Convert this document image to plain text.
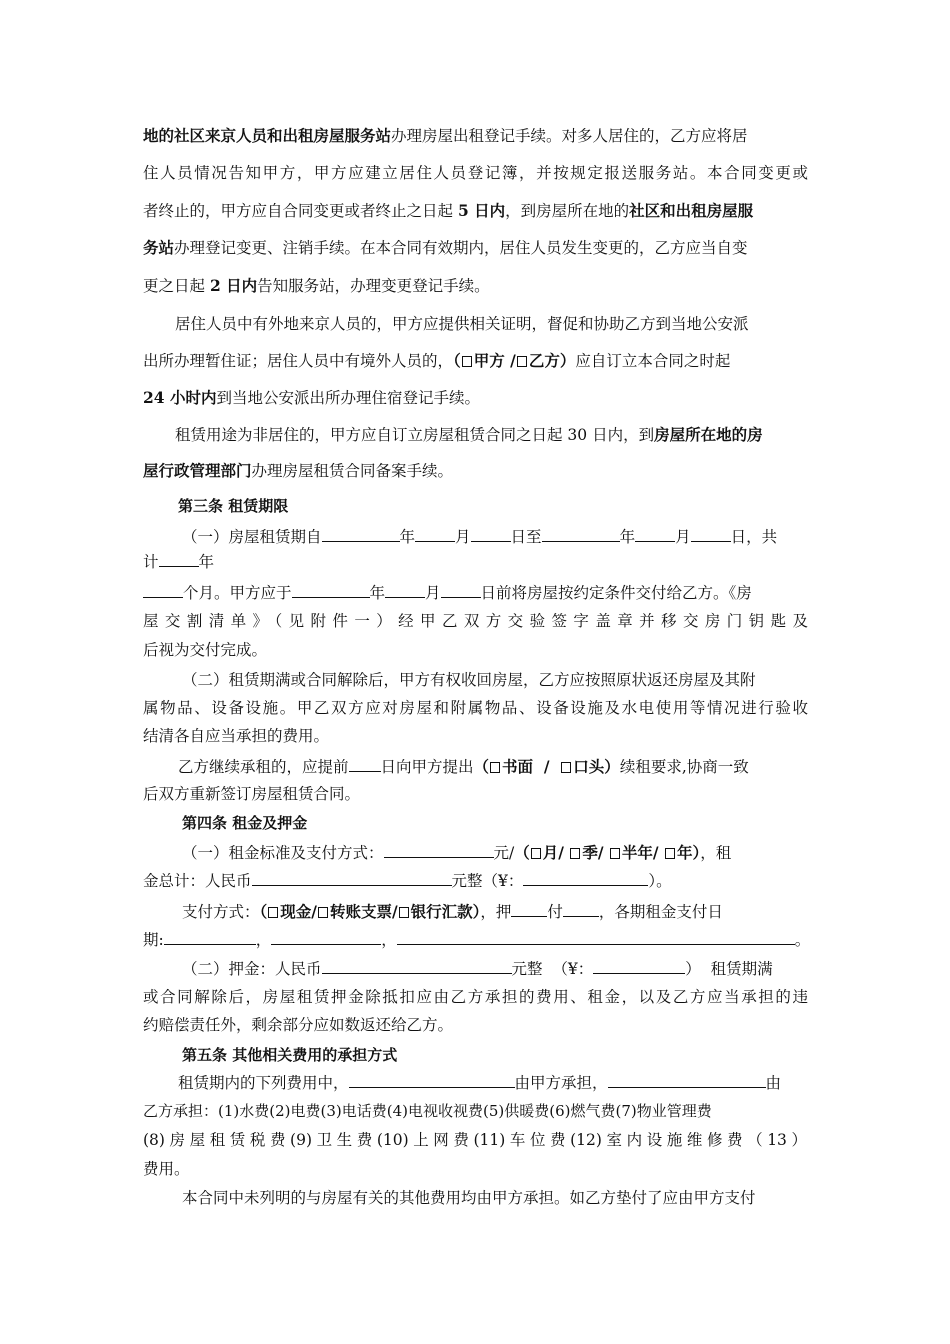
地的社区来京人员和出租房屋服务站办理房屋出租登记手续。对多人居住的，乙方应将居
住人员情况告知甲方，甲方应建立居住人员登记簿，并按规定报送服务站。本合同变更或
者终止的，甲方应自合同变更或者终止之日起 5 日内，到房屋所在地的社区和出租房屋服
务站办理登记变更、注销手续。在本合同有效期内，居住人员发生变更的，乙方应当自变
更之日起 2 日内告知服务站，办理变更登记手续。
居住人员中有外地来京人员的，甲方应提供相关证明，督促和协助乙方到当地公安派
出所办理暂住证；居住人员中有境外人员的，（ 甲方 / 乙方）应自订立本合同之时起
24 小时内到当地公安派出所办理住宿登记手续。
租赁用途为非居住的，甲方应自订立房屋租赁合同之日起 30 日内，到房屋所在地的房
屋行政管理部门办理房屋租赁合同备案手续。
第三条 租赁期限
（一）房屋租赁期自	年	月	日至	年	月	日，共
计	年
个月。甲方应于	年	月	日前将房屋按约定条件交付给乙方。《房
屋交割清单》（见附件一）经甲乙双方交验签字盖章并移交房门钥匙及
后视为交付完成。
（二）租赁期满或合同解除后，甲方有权收回房屋，乙方应按照原状返还房屋及其附
属物品、设备设施。甲乙双方应对房屋和附属物品、设备设施及水电使用等情况进行验收
结清各自应当承担的费用。
乙方继续承租的，应提前 日向甲方提出（ 书面  /  口头）续租要求,协商一致
后双方重新签订房屋租赁合同。
第四条 租金及押金
（一）租金标准及支付方式：	元/（ 月/ 季/ 半年/ 年），租
金总计：人民币	元整（¥：	）。
支付方式：（ 现金/ 转账支票/ 银行汇款），押 付 ，各期租金支付日
期:	，	，	。
（二）押金：人民币	元整  （¥：	）  租赁期满
或合同解除后，房屋租赁押金除抵扣应由乙方承担的费用、租金，以及乙方应当承担的违
约赔偿责任外，剩余部分应如数返还给乙方。
第五条 其他相关费用的承担方式
租赁期内的下列费用中，	由甲方承担，	由
乙方承担：(1)水费(2)电费(3)电话费(4)电视收视费(5)供暖费(6)燃气费(7)物业管理费
(8)房屋租赁税费(9)卫生费(10)上网费(11)车位费(12)室内设施维修费（13）
费用。
本合同中未列明的与房屋有关的其他费用均由甲方承担。如乙方垫付了应由甲方支付
